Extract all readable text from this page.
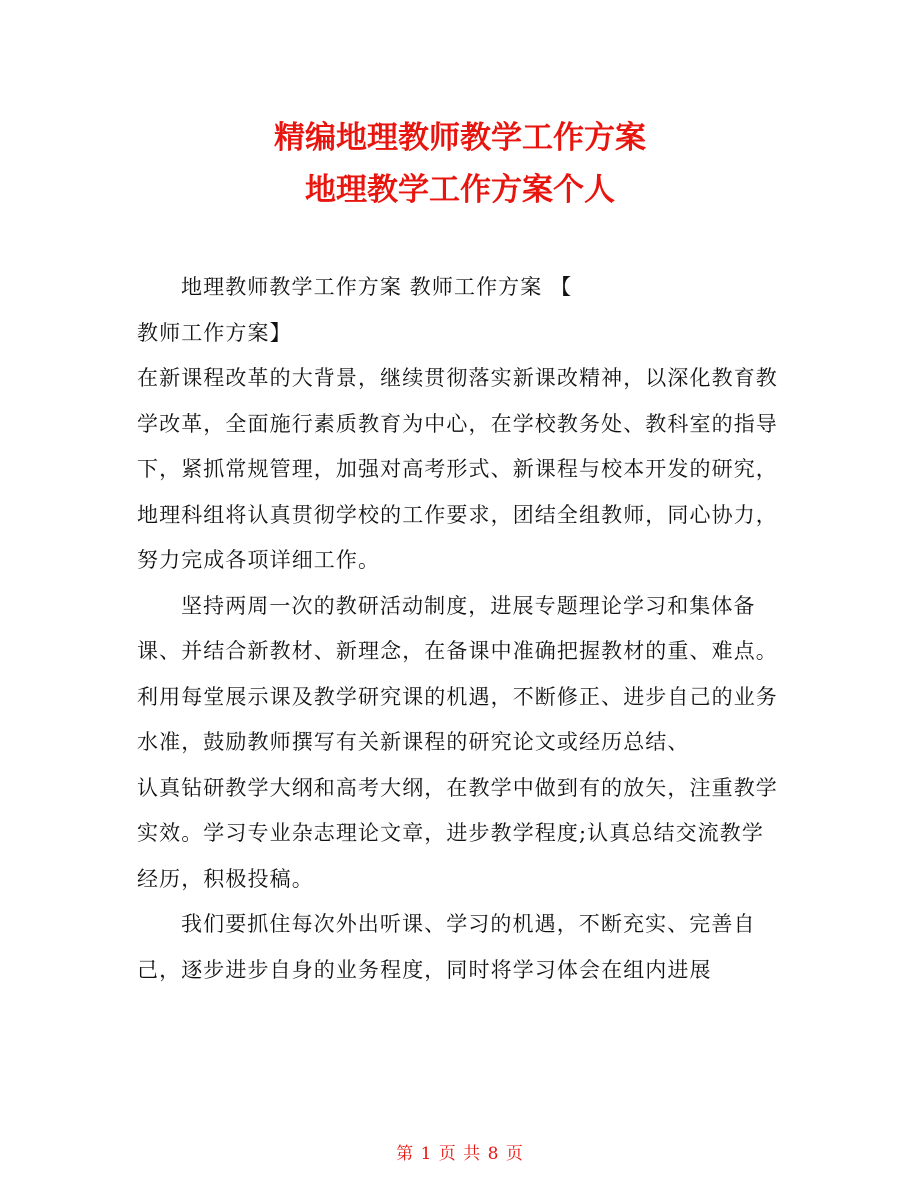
精编地理教师教学工作方案
地理教学工作方案个人

地理教师教学工作方案 教师工作方案 【

教师工作方案】

在新课程改革的大背景，继续贯彻落实新课改精神，以深化教育教学改革，全面施行素质教育为中心，在学校教务处、教科室的指导下，紧抓常规管理，加强对高考形式、新课程与校本开发的研究，地理科组将认真贯彻学校的工作要求，团结全组教师，同心协力，努力完成各项详细工作。

坚持两周一次的教研活动制度，进展专题理论学习和集体备课、并结合新教材、新理念，在备课中准确把握教材的重、难点。利用每堂展示课及教学研究课的机遇，不断修正、进步自己的业务水准，鼓励教师撰写有关新课程的研究论文或经历总结、

认真钻研教学大纲和高考大纲，在教学中做到有的放矢，注重教学实效。学习专业杂志理论文章，进步教学程度;认真总结交流教学经历，积极投稿。

我们要抓住每次外出听课、学习的机遇，不断充实、完善自己，逐步进步自身的业务程度，同时将学习体会在组内进展

第 1 页 共 8 页
